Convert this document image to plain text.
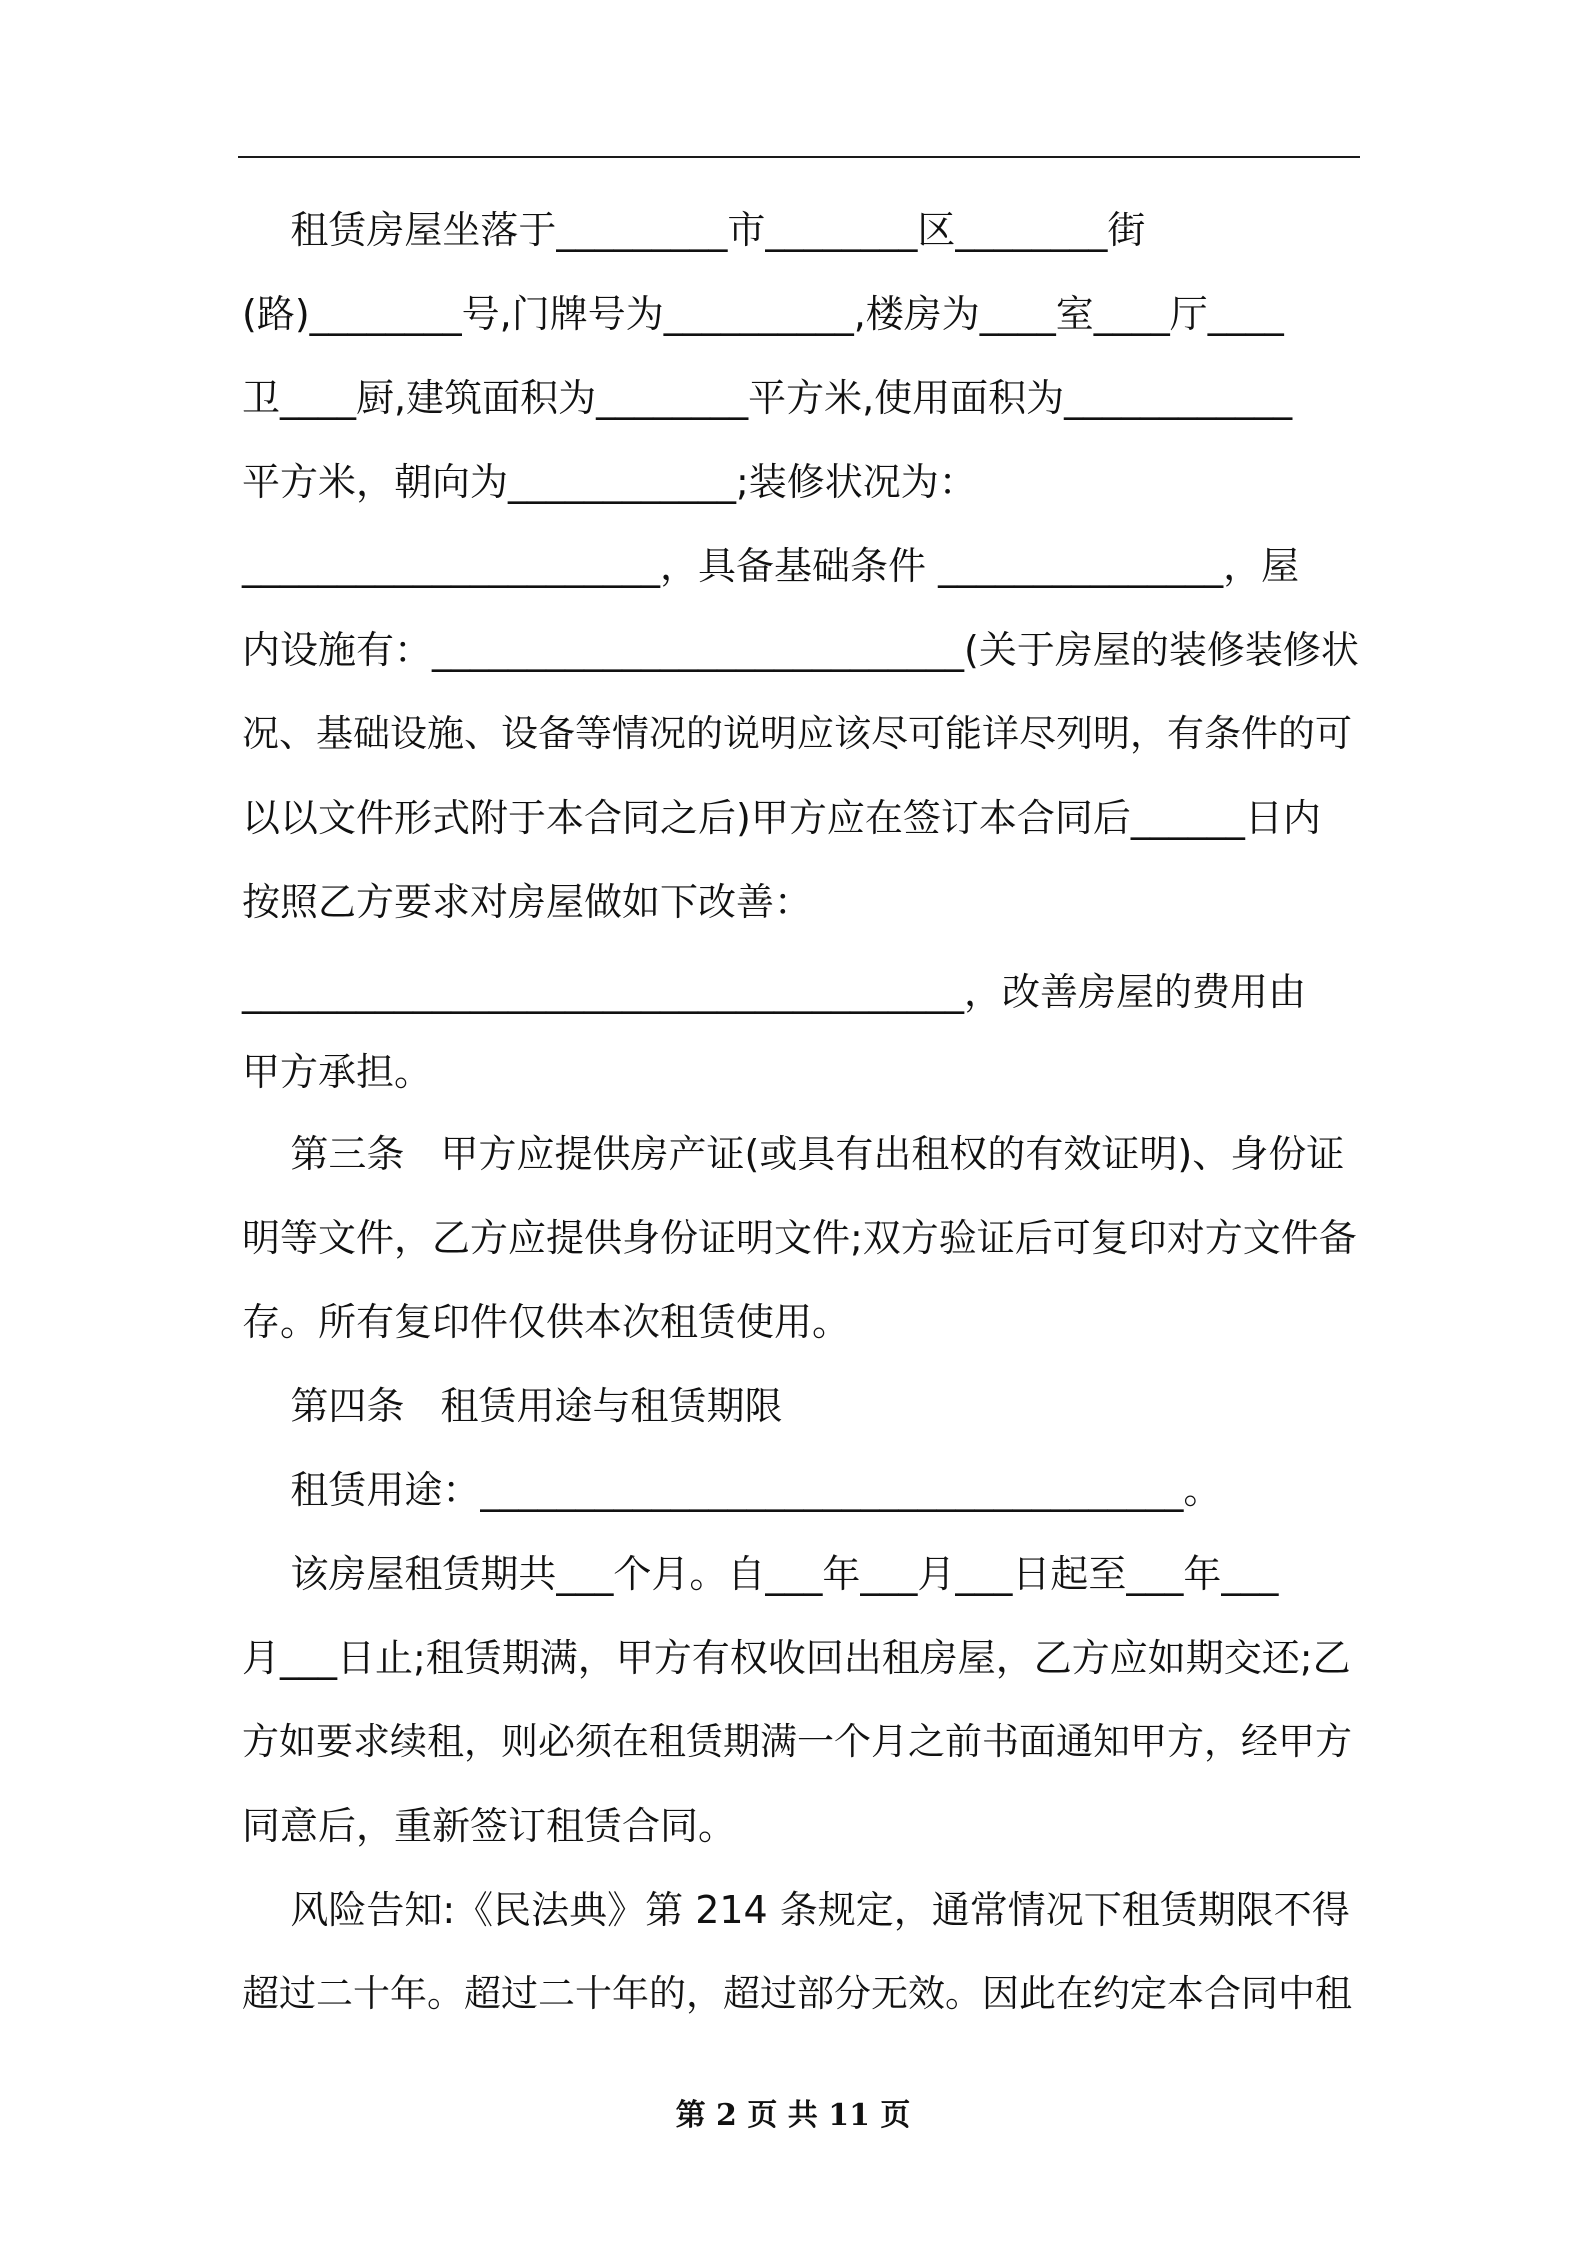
租赁房屋坐落于_________市________区________街
(路)________号,门牌号为__________,楼房为____室____厅____
卫____厨,建筑面积为________平方米,使用面积为____________
平方米，朝向为____________;装修状况为：
______________________，具备基础条件 _______________，屋
内设施有：____________________________(关于房屋的装修装修状
况、基础设施、设备等情况的说明应该尽可能详尽列明，有条件的可
以以文件形式附于本合同之后)甲方应在签订本合同后______日内
按照乙方要求对房屋做如下改善：
______________________________________，改善房屋的费用由
甲方承担。
第三条   甲方应提供房产证(或具有出租权的有效证明)、身份证
明等文件，乙方应提供身份证明文件;双方验证后可复印对方文件备
存。所有复印件仅供本次租赁使用。
第四条   租赁用途与租赁期限
租赁用途：_____________________________________。
该房屋租赁期共___个月。自___年___月___日起至___年___
月___日止;租赁期满，甲方有权收回出租房屋，乙方应如期交还;乙
方如要求续租，则必须在租赁期满一个月之前书面通知甲方，经甲方
同意后，重新签订租赁合同。
风险告知:《民法典》第 214 条规定，通常情况下租赁期限不得
超过二十年。超过二十年的，超过部分无效。因此在约定本合同中租
第 2 页 共 11 页
